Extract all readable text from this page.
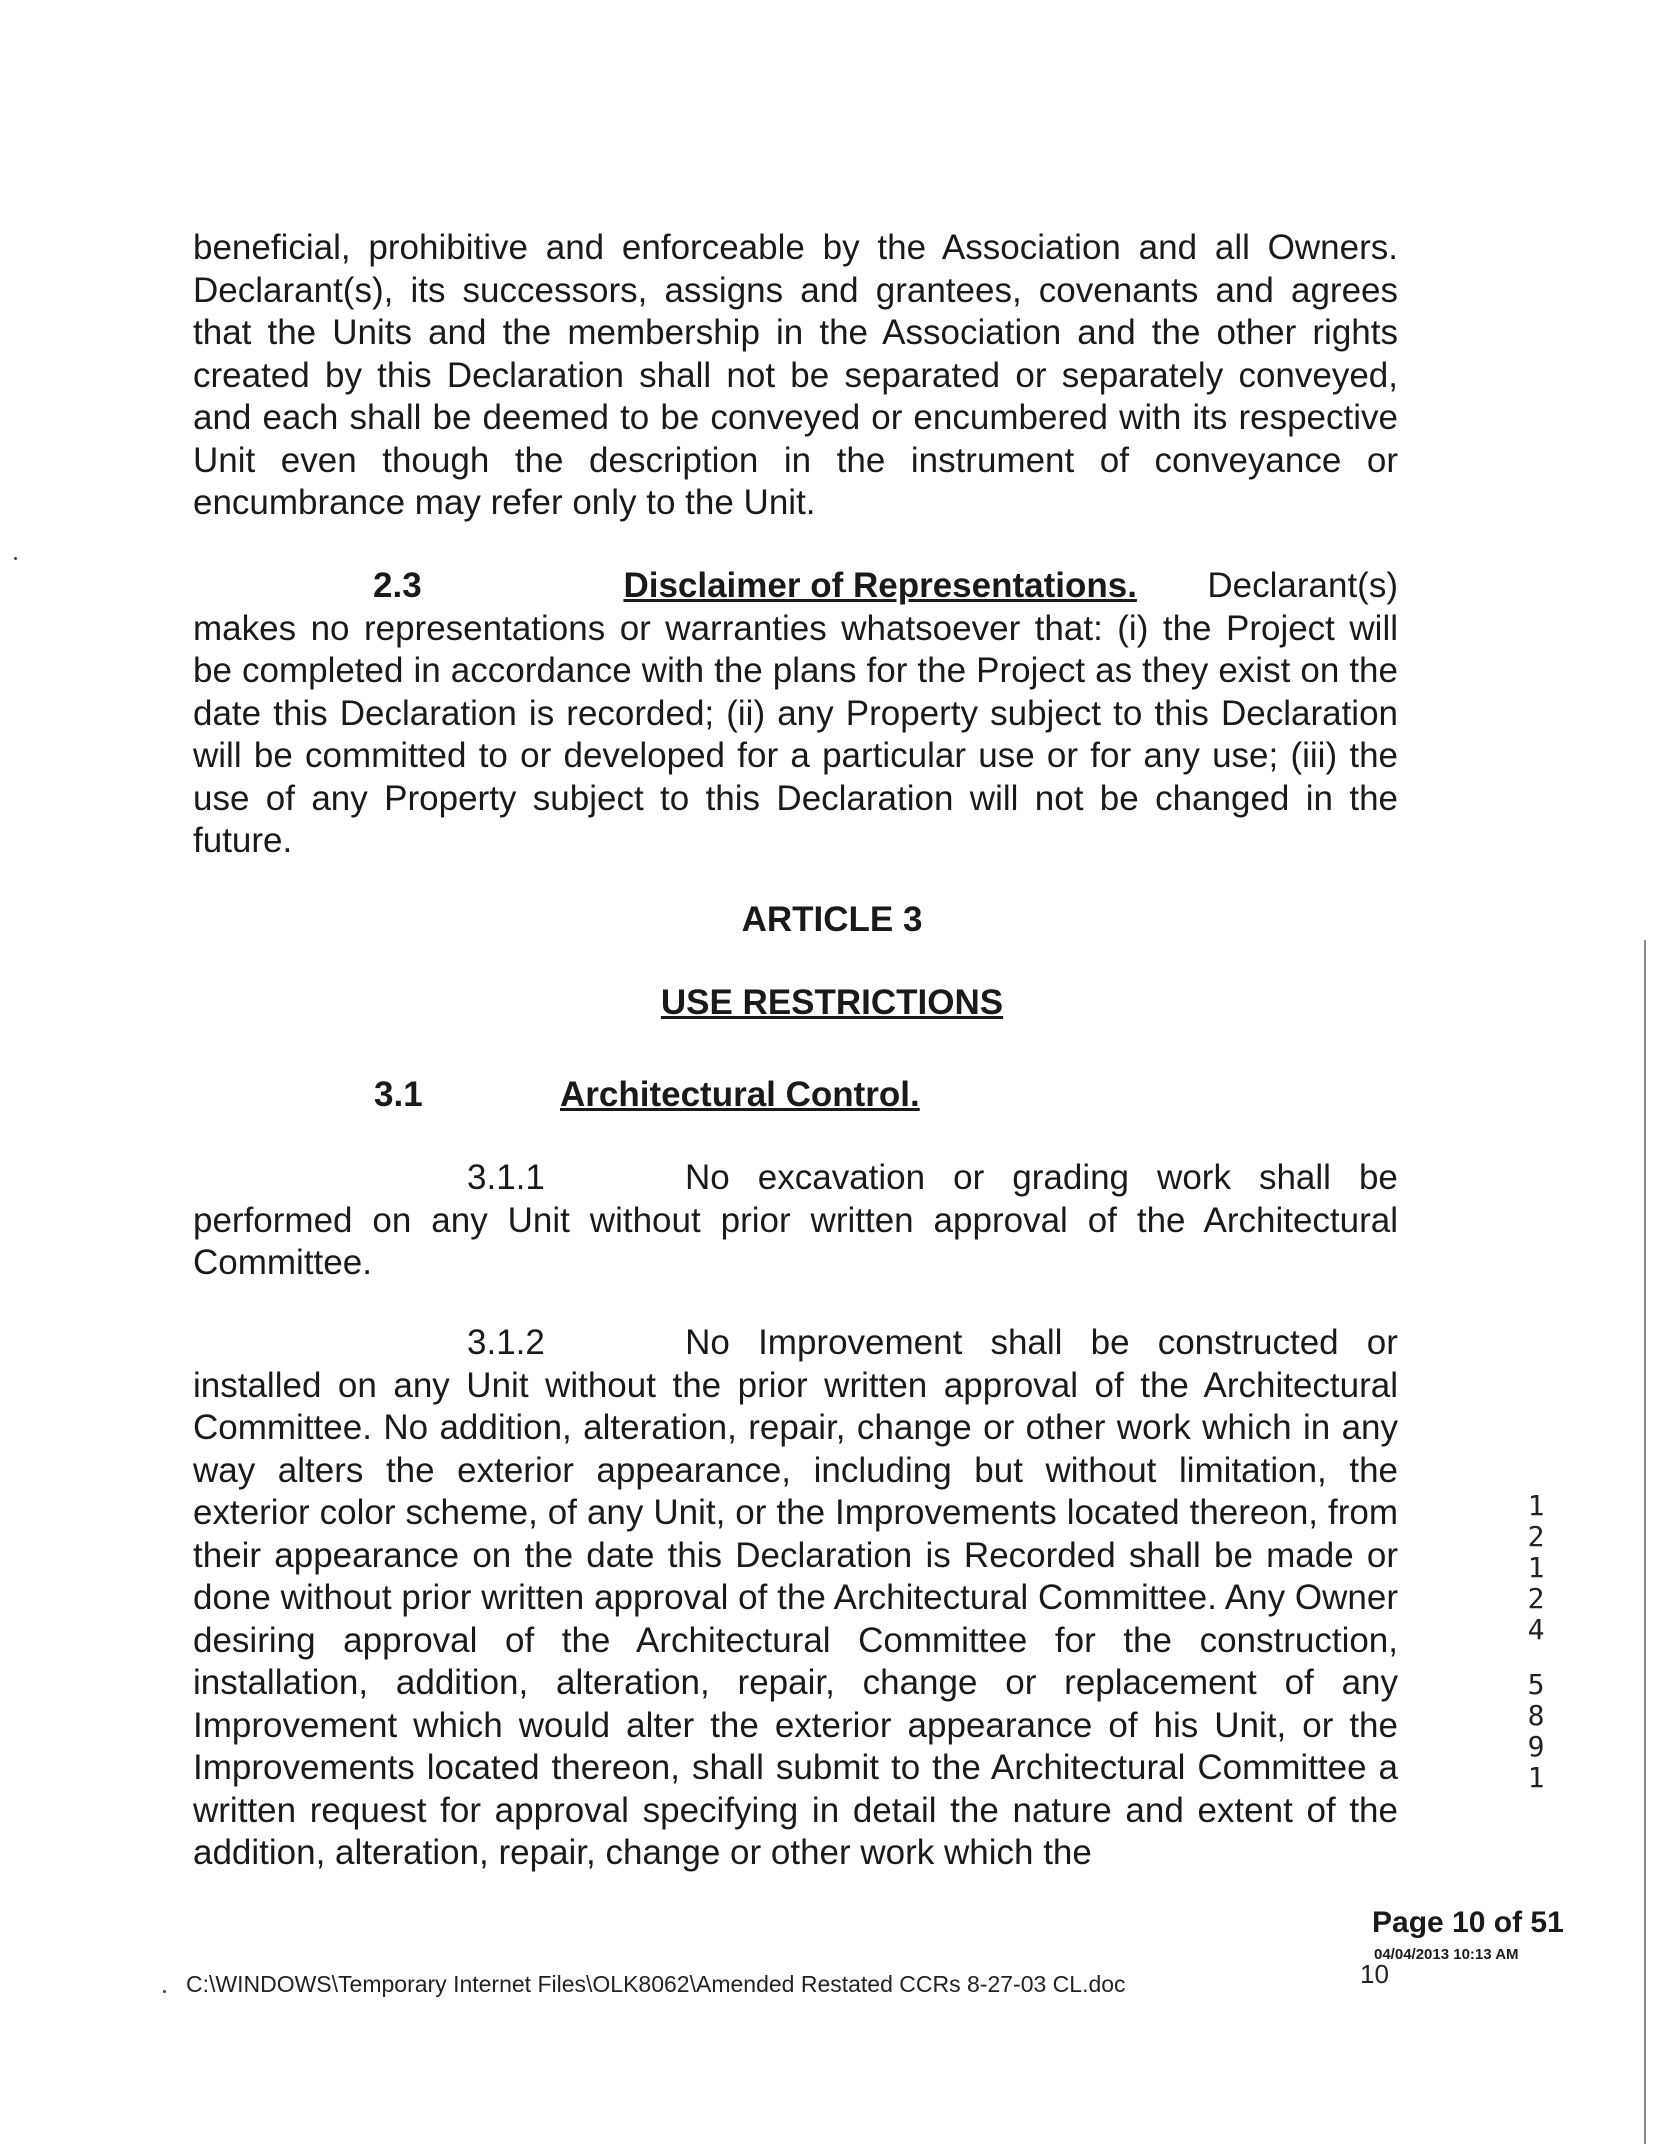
beneficial, prohibitive and enforceable by the Association and all Owners. Declarant(s), its successors, assigns and grantees, covenants and agrees that the Units and the membership in the Association and the other rights created by this Declaration shall not be separated or separately conveyed, and each shall be deemed to be conveyed or encumbered with its respective Unit even though the description in the instrument of conveyance or encumbrance may refer only to the Unit.

2.3	Disclaimer of Representations. Declarant(s)
makes no representations or warranties whatsoever that: (i) the Project will be completed in accordance with the plans for the Project as they exist on the date this Declaration is recorded; (ii) any Property subject to this Declaration will be committed to or developed for a particular use or for any use; (iii) the use of any Property subject to this Declaration will not be changed in the future.
ARTICLE 3
USE RESTRICTIONS
3.1	Architectural Control.
3.1.1	No excavation or grading work shall be
performed on any Unit without prior written approval of the Architectural Committee.
3.1.2	No Improvement shall be constructed or
installed on any Unit without the prior written approval of the Architectural Committee. No addition, alteration, repair, change or other work which in any way alters the exterior appearance, including but without limitation, the exterior color scheme, of any Unit, or the Improvements located thereon, from their appearance on the date this Declaration is Recorded shall be made or done without prior written approval of the Architectural Committee. Any Owner desiring approval of the Architectural Committee for the construction, installation, addition, alteration, repair, change or replacement of any Improvement which would alter the exterior appearance of his Unit, or the Improvements located thereon, shall submit to the Architectural Committee a written request for approval specifying in detail the nature and extent of the addition, alteration, repair, change or other work which the
1
2
1
2
4
5
8
9
1
Page 10 of 51
04/04/2013 10:13 AM
C:\WINDOWS\Temporary Internet Files\OLK8062\Amended Restated CCRs 8-27-03 CL.doc	10
